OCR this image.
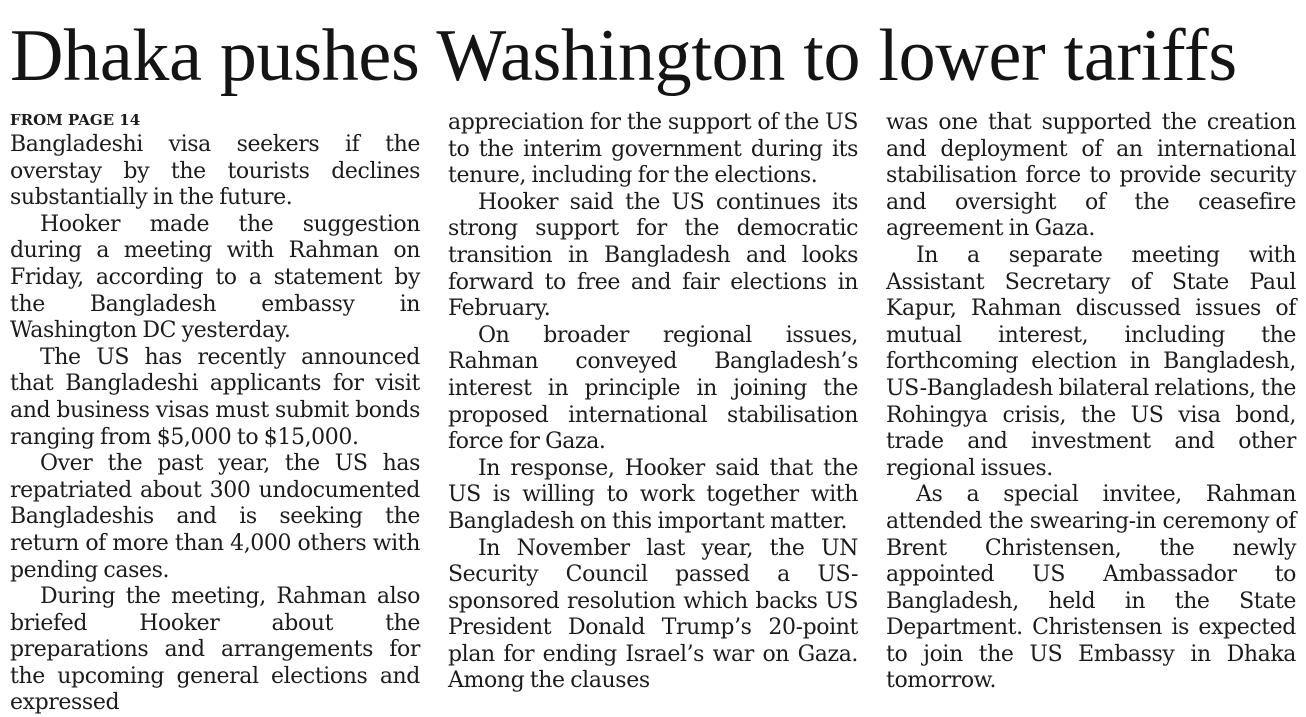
Dhaka pushes Washington to lower tariffs
FROM PAGE 14

Bangladeshi visa seekers if the overstay by the tourists declines substantially in the future.

Hooker made the suggestion during a meeting with Rahman on Friday, according to a statement by the Bangladesh embassy in Washington DC yesterday.

The US has recently announced that Bangladeshi applicants for visit and business visas must submit bonds ranging from $5,000 to $15,000.

Over the past year, the US has repatriated about 300 undocumented Bangladeshis and is seeking the return of more than 4,000 others with pending cases.

During the meeting, Rahman also briefed Hooker about the preparations and arrangements for the upcoming general elections and expressed

appreciation for the support of the US to the interim government during its tenure, including for the elections.

Hooker said the US continues its strong support for the democratic transition in Bangladesh and looks forward to free and fair elections in February.

On broader regional issues, Rahman conveyed Bangladesh’s interest in principle in joining the proposed international stabilisation force for Gaza.

In response, Hooker said that the US is willing to work together with Bangladesh on this important matter.

In November last year, the UN Security Council passed a US-sponsored resolution which backs US President Donald Trump’s 20-point plan for ending Israel’s war on Gaza. Among the clauses

was one that supported the creation and deployment of an international stabilisation force to provide security and oversight of the ceasefire agreement in Gaza.

In a separate meeting with Assistant Secretary of State Paul Kapur, Rahman discussed issues of mutual interest, including the forthcoming election in Bangladesh, US-Bangladesh bilateral relations, the Rohingya crisis, the US visa bond, trade and investment and other regional issues.

As a special invitee, Rahman attended the swearing-in ceremony of Brent Christensen, the newly appointed US Ambassador to Bangladesh, held in the State Department. Christensen is expected to join the US Embassy in Dhaka tomorrow.
